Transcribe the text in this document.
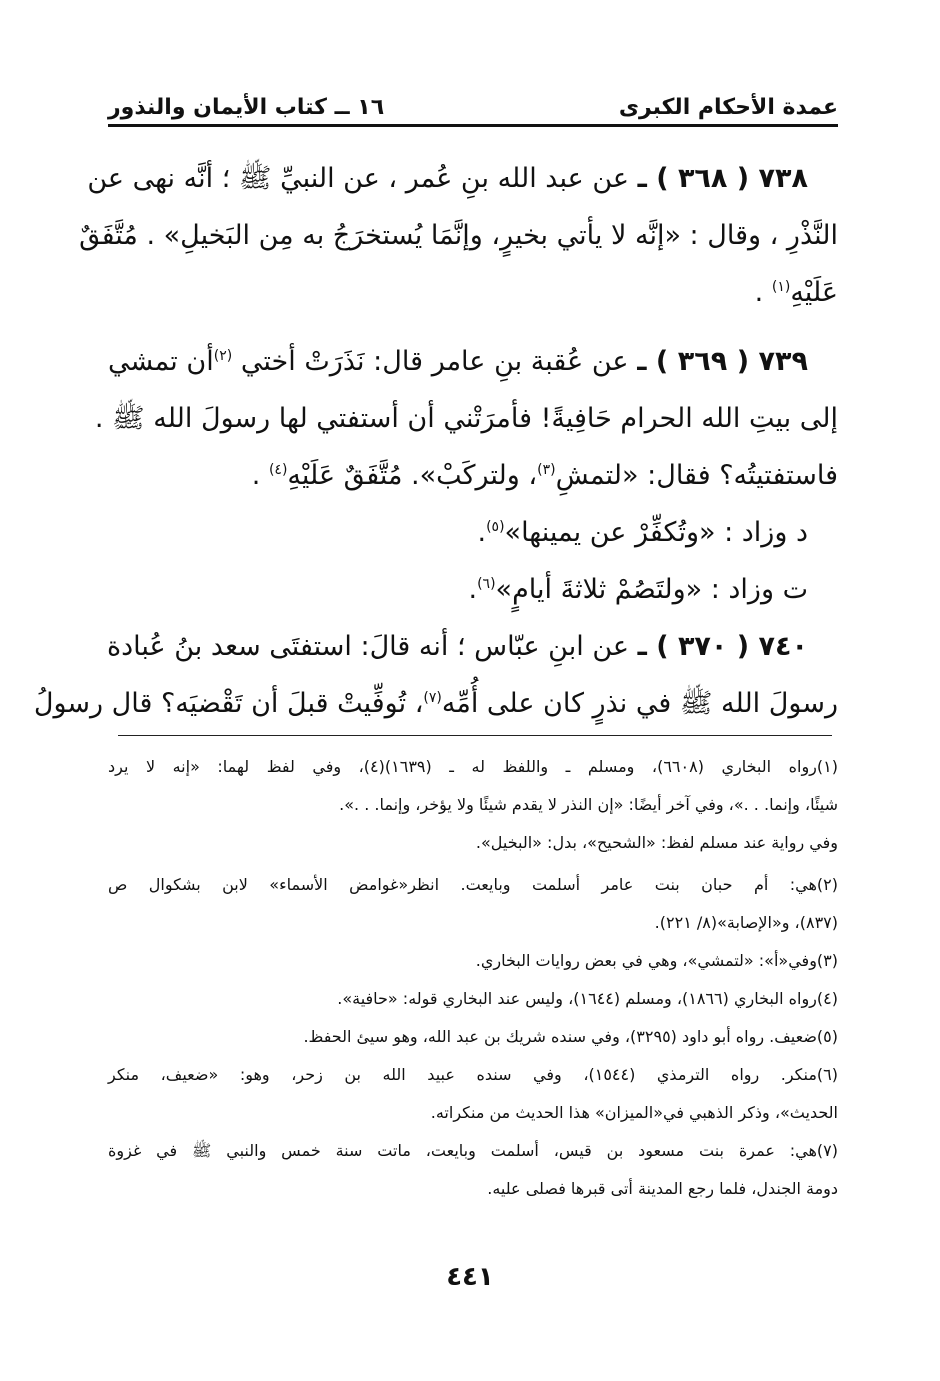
عمدة الأحكام الكبرى
١٦ ــ كتاب الأيمان والنذور
٧٣٨ ( ٣٦٨ ) ـ عن عبد الله بنِ عُمر ، عن النبيِّ ﷺ ؛ أنَّه نهى عن
النَّذْرِ ، وقال : «إنَّه لا يأتي بخيرٍ، وإنَّمَا يُستخرَجُ به مِن البَخيلِ» . مُتَّفَقٌ
عَلَيْهِ$^{(١)}$ .
٧٣٩ ( ٣٦٩ ) ـ عن عُقبة بنِ عامر قال: نَذَرَتْ أختي $^{(٢)}$أن تمشي
إلى بيتِ الله الحرام حَافِيةً! فأمرَتْني أن أستفتي لها رسولَ الله ﷺ .
فاستفتيتُه؟ فقال: «لتمشِ$^{(٣)}$، ولتركَبْ». مُتَّفَقٌ عَلَيْهِ$^{(٤)}$ .
د وزاد : «وتُكفِّرْ عن يمينها»$^{(٥)}$.
ت وزاد : «ولتَصُمْ ثلاثةَ أيامٍ»$^{(٦)}$.
٧٤٠ ( ٣٧٠ ) ـ عن ابنِ عبّاس ؛ أنه قالَ: استفتَى سعد بنُ عُبادة
رسولَ الله ﷺ في نذرٍ كان على أُمِّه$^{(٧)}$، تُوفِّيتْ قبلَ أن تَقْضيَه؟ قال رسولُ
(١)رواه البخاري (٦٦٠٨)، ومسلم ـ واللفظ له ـ (١٦٣٩)(٤)، وفي لفظ لهما: «إنه لا يرد
شيئًا، وإنما. . .»، وفي آخر أيضًا: «إن النذر لا يقدم شيئًا ولا يؤخر، وإنما. . .».
وفي رواية عند مسلم لفظ: «الشحيح»، بدل: «البخيل».
(٢)هي: أم حبان بنت عامر أسلمت وبايعت. انظر«غوامض الأسماء» لابن بشكوال ص
(٨٣٧)، و«الإصابة»(٨/ ٢٢١).
(٣)وفي«أ»: «لتمشي»، وهي في بعض روايات البخاري.
(٤)رواه البخاري (١٨٦٦)، ومسلم (١٦٤٤)، وليس عند البخاري قوله: «حافية».
(٥)ضعيف. رواه أبو داود (٣٢٩٥)، وفي سنده شريك بن عبد الله، وهو سيئ الحفظ.
(٦)منكر. رواه الترمذي (١٥٤٤)، وفي سنده عبيد الله بن زحر، وهو: «ضعيف، منكر
الحديث»، وذكر الذهبي في«الميزان» هذا الحديث من منكراته.
(٧)هي: عمرة بنت مسعود بن قيس، أسلمت وبايعت، ماتت سنة خمس والنبي ﷺ في غزوة
دومة الجندل، فلما رجع المدينة أتى قبرها فصلى عليه.
٤٤١
